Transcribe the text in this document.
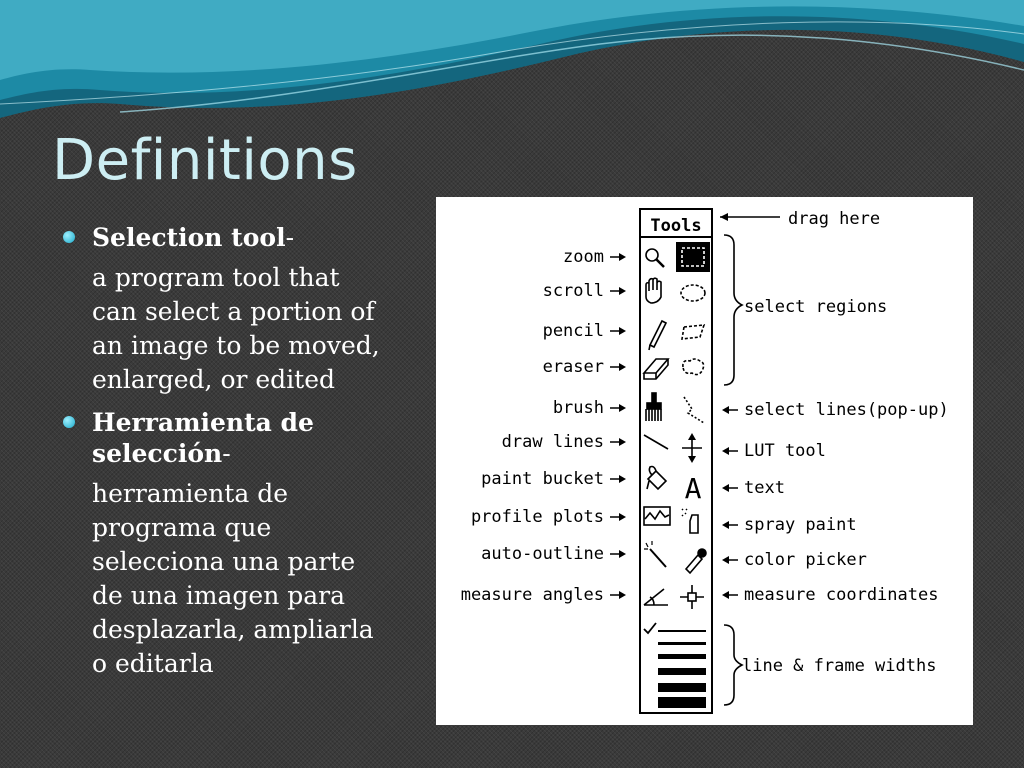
Definitions
Selection tool-
a program tool that can select a portion of an image to be moved, enlarged, or edited
Herramienta de selección-
herramienta de programa que selecciona una parte de una imagen para desplazarla, ampliarla o editarla
Tools	drag here
zoom
scroll
pencil
eraser
brush
draw lines
paint bucket
profile plots
auto-outline
measure angles
select regions
select lines(pop-up)
LUT tool
text
spray paint
color picker
measure coordinates
line & frame widths
A
